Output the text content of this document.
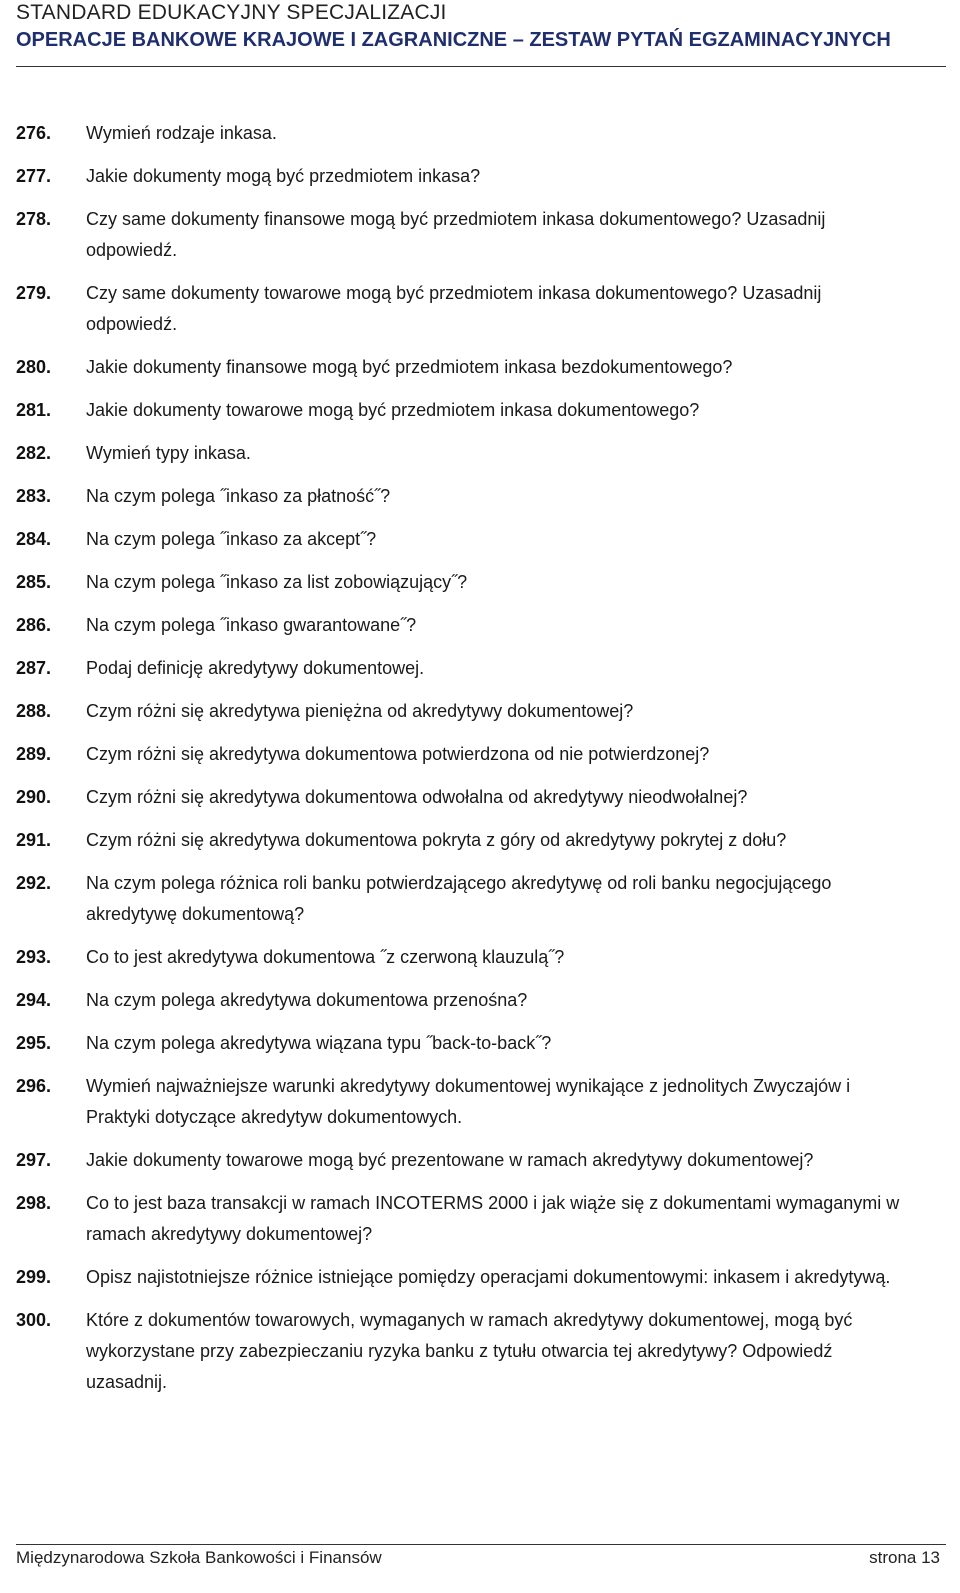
STANDARD EDUKACYJNY SPECJALIZACJI
OPERACJE BANKOWE KRAJOWE I ZAGRANICZNE – ZESTAW PYTAŃ EGZAMINACYJNYCH
276.	Wymień rodzaje inkasa.
277.	Jakie dokumenty mogą być przedmiotem inkasa?
278.	Czy same dokumenty finansowe mogą być przedmiotem inkasa dokumentowego? Uzasadnij odpowiedź.
279.	Czy same dokumenty towarowe mogą być przedmiotem inkasa dokumentowego? Uzasadnij odpowiedź.
280.	Jakie dokumenty finansowe mogą być przedmiotem inkasa bezdokumentowego?
281.	Jakie dokumenty towarowe mogą być przedmiotem inkasa dokumentowego?
282.	Wymień typy inkasa.
283.	Na czym polega ˝inkaso za płatność˝?
284.	Na czym polega ˝inkaso za akcept˝?
285.	Na czym polega ˝inkaso za list zobowiązujący˝?
286.	Na czym polega ˝inkaso gwarantowane˝?
287.	Podaj definicję akredytywy dokumentowej.
288.	Czym różni się akredytywa pieniężna od akredytywy dokumentowej?
289.	Czym różni się akredytywa dokumentowa potwierdzona od nie potwierdzonej?
290.	Czym różni się akredytywa dokumentowa odwołalna od akredytywy nieodwołalnej?
291.	Czym różni się akredytywa dokumentowa pokryta z góry od akredytywy pokrytej z dołu?
292.	Na czym polega różnica roli banku potwierdzającego akredytywę od roli banku negocjującego akredytywę dokumentową?
293.	Co to jest akredytywa dokumentowa ˝z czerwoną klauzulą˝?
294.	Na czym polega akredytywa dokumentowa przenośna?
295.	Na czym polega akredytywa wiązana typu ˝back-to-back˝?
296.	Wymień najważniejsze warunki akredytywy dokumentowej wynikające z jednolitych Zwyczajów i Praktyki dotyczące akredytyw dokumentowych.
297.	Jakie dokumenty towarowe mogą być prezentowane w ramach akredytywy dokumentowej?
298.	Co to jest baza transakcji w ramach INCOTERMS 2000 i jak wiąże się z dokumentami wymaganymi w ramach akredytywy dokumentowej?
299.	Opisz najistotniejsze różnice istniejące pomiędzy operacjami dokumentowymi: inkasem i akredytywą.
300.	Które z dokumentów towarowych, wymaganych w ramach akredytywy dokumentowej, mogą być wykorzystane przy zabezpieczaniu ryzyka banku z tytułu otwarcia tej akredytywy? Odpowiedź uzasadnij.
Międzynarodowa Szkoła Bankowości i Finansów	strona 13
